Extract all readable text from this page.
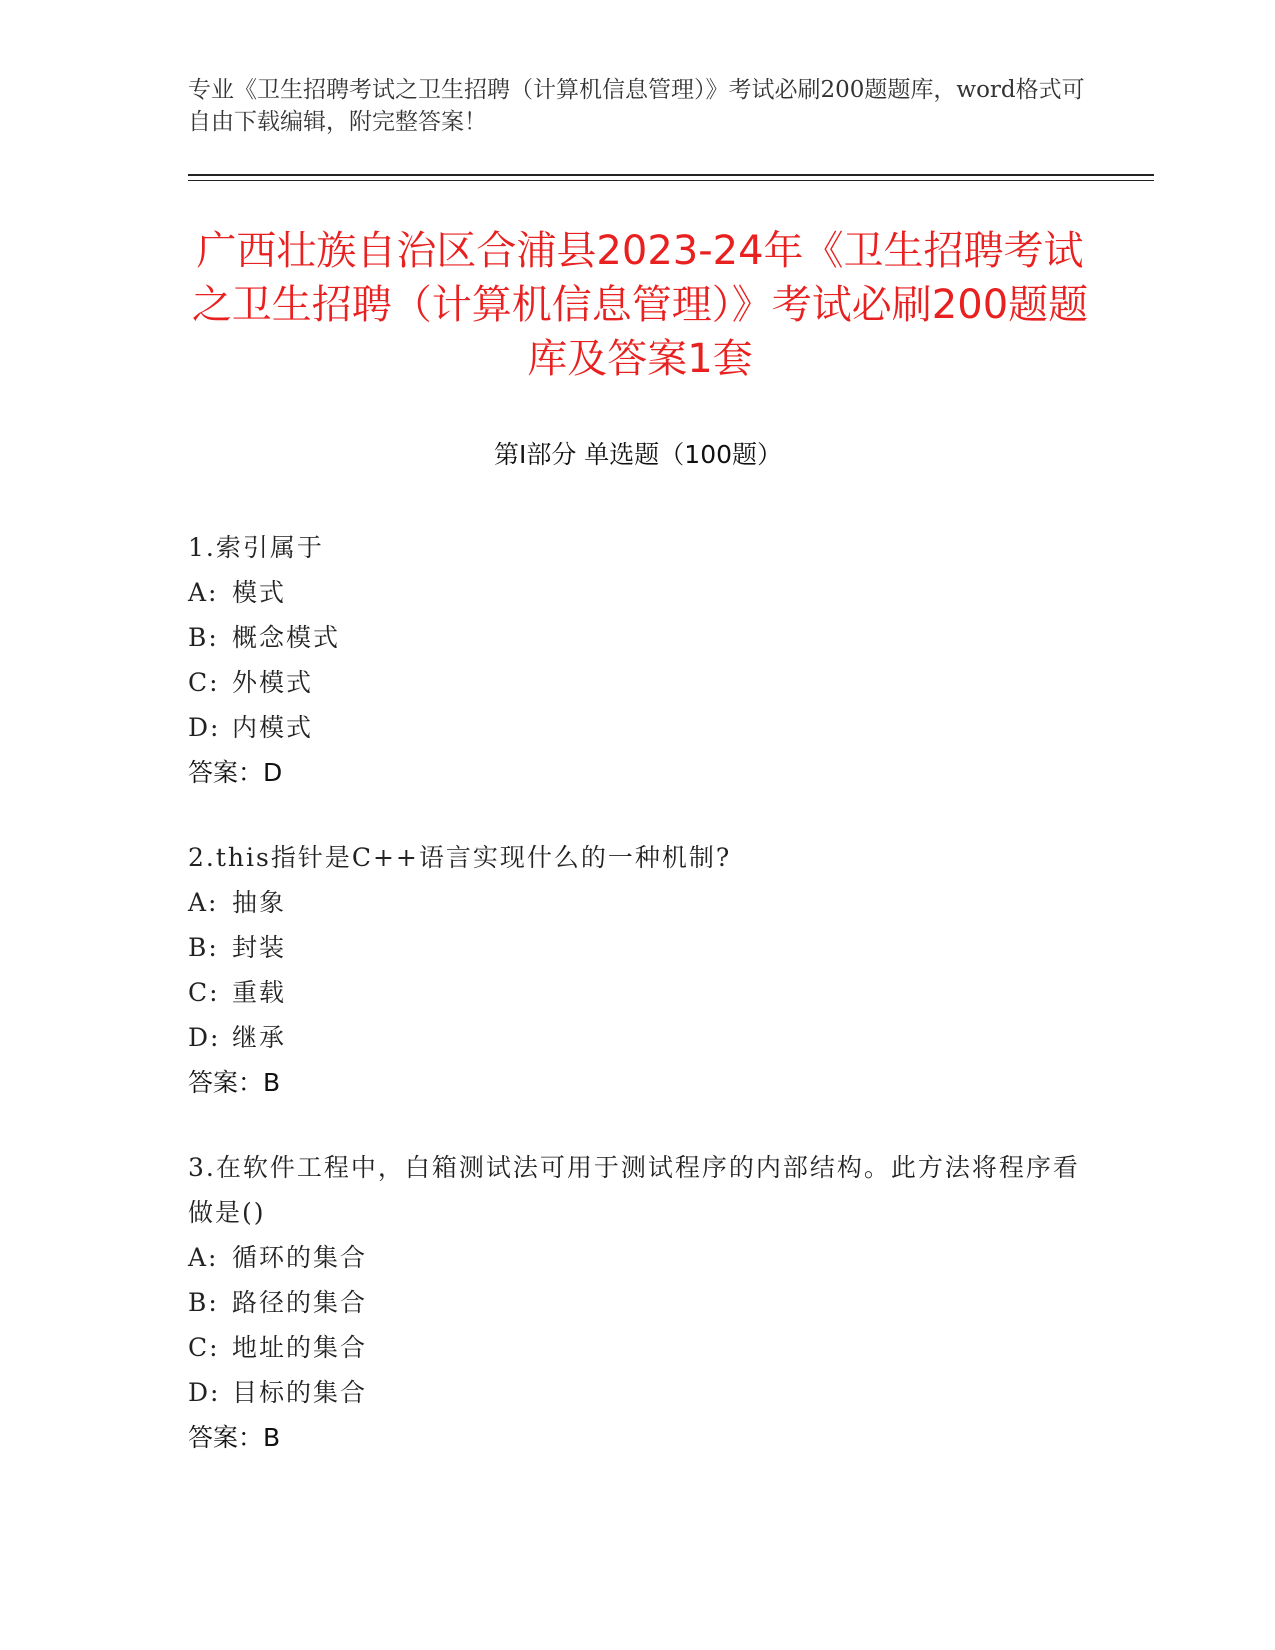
专业《卫生招聘考试之卫生招聘（计算机信息管理）》考试必刷200题题库，word格式可自由下载编辑，附完整答案！
广西壮族自治区合浦县2023-24年《卫生招聘考试之卫生招聘（计算机信息管理）》考试必刷200题题库及答案1套
第Ⅰ部分 单选题（100题）
1.索引属于
A: 模式
B: 概念模式
C: 外模式
D: 内模式
答案：D
2.this指针是C++语言实现什么的一种机制?
A: 抽象
B: 封装
C: 重载
D: 继承
答案：B
3.在软件工程中，白箱测试法可用于测试程序的内部结构。此方法将程序看做是()
A: 循环的集合
B: 路径的集合
C: 地址的集合
D: 目标的集合
答案：B
